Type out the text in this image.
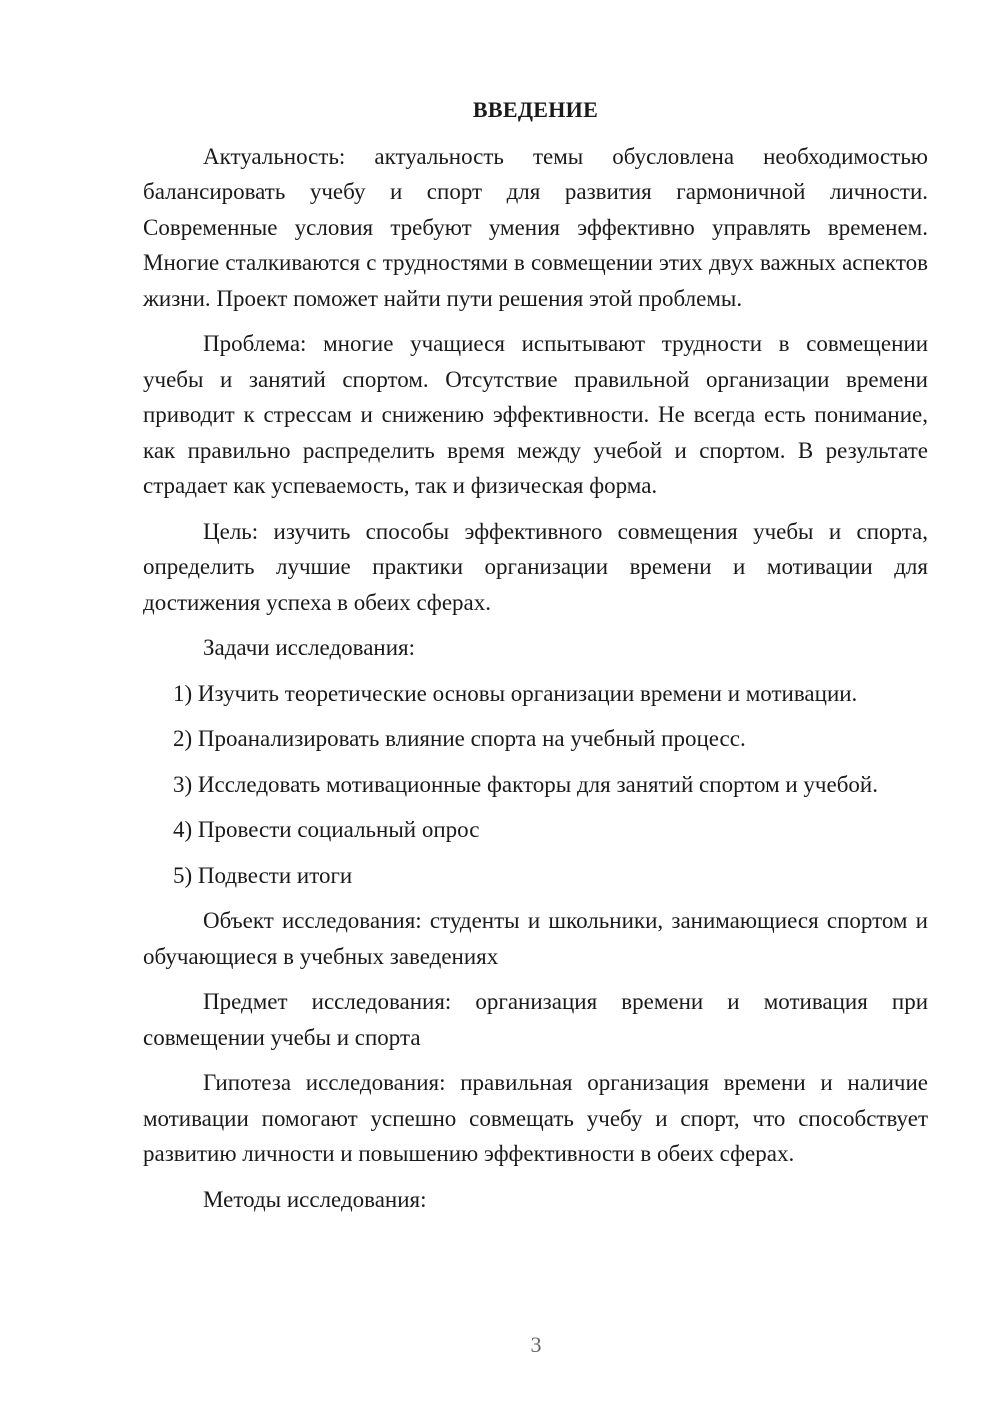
ВВЕДЕНИЕ

Актуальность: актуальность темы обусловлена необходимостью балансировать учебу и спорт для развития гармоничной личности. Современные условия требуют умения эффективно управлять временем. Многие сталкиваются с трудностями в совмещении этих двух важных аспектов жизни. Проект поможет найти пути решения этой проблемы.

Проблема: многие учащиеся испытывают трудности в совмещении учебы и занятий спортом. Отсутствие правильной организации времени приводит к стрессам и снижению эффективности. Не всегда есть понимание, как правильно распределить время между учебой и спортом. В результате страдает как успеваемость, так и физическая форма.

Цель: изучить способы эффективного совмещения учебы и спорта, определить лучшие практики организации времени и мотивации для достижения успеха в обеих сферах.

Задачи исследования:

1) Изучить теоретические основы организации времени и мотивации.

2) Проанализировать влияние спорта на учебный процесс.

3) Исследовать мотивационные факторы для занятий спортом и учебой.

4) Провести социальный опрос

5) Подвести итоги

Объект исследования: студенты и школьники, занимающиеся спортом и обучающиеся в учебных заведениях

Предмет исследования: организация времени и мотивация при совмещении учебы и спорта

Гипотеза исследования: правильная организация времени и наличие мотивации помогают успешно совмещать учебу и спорт, что способствует развитию личности и повышению эффективности в обеих сферах.

Методы исследования:

3
